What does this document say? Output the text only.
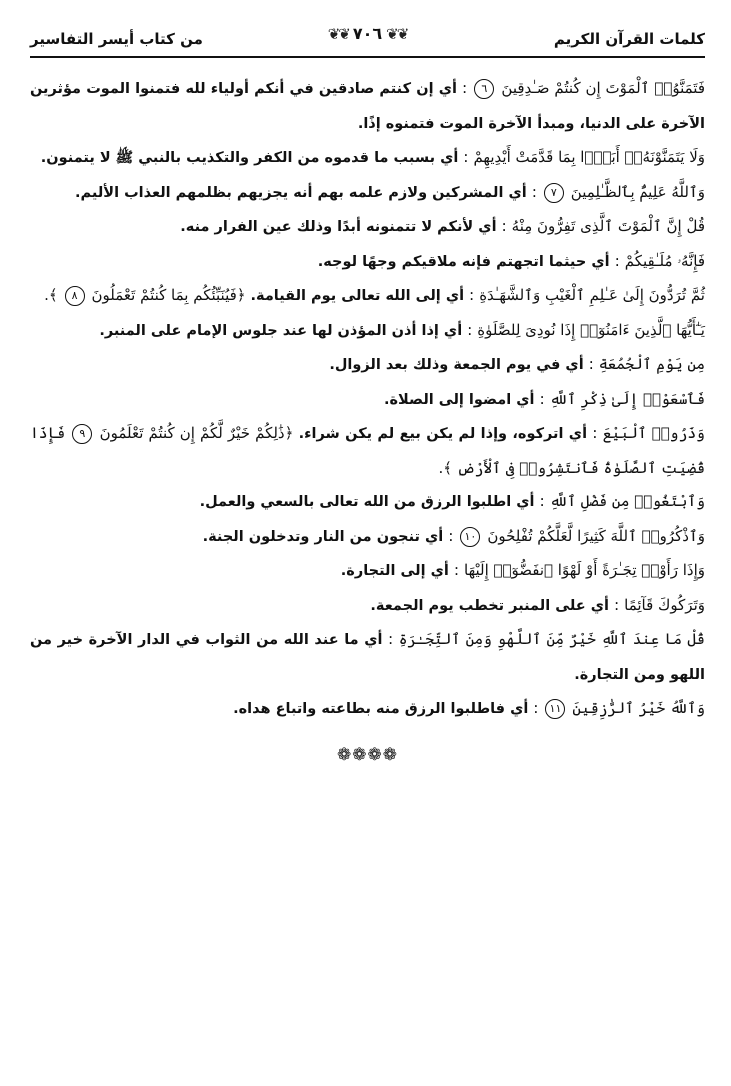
كلمات القرآن الكريم
❦❦ ٧٠٦ ❦❦
من كتاب أيسر التفاسير

فَتَمَنَّوُا۟ ٱلْمَوْتَ إِن كُنتُمْ صَـٰدِقِينَ ٦ : أي إن كنتم صادقين في أنكم أولياء لله فتمنوا الموت مؤثرين الآخرة على الدنيا، ومبدأ الآخرة الموت فتمنوه إذًا.

وَلَا يَتَمَنَّوْنَهُۥٓ أَبَدًۢا بِمَا قَدَّمَتْ أَيْدِيهِمْ : أي بسبب ما قدموه من الكفر والتكذيب بالنبي ﷺ لا يتمنون.

وَٱللَّهُ عَلِيمٌۢ بِٱلظَّـٰلِمِينَ ٧ : أي المشركين ولازم علمه بهم أنه يجزيهم بظلمهم العذاب الأليم.

قُلْ إِنَّ ٱلْمَوْتَ ٱلَّذِى تَفِرُّونَ مِنْهُ : أي لأنكم لا تتمنونه أبدًا وذلك عين الفرار منه.

فَإِنَّهُۥ مُلَـٰقِيكُمْ : أي حيثما اتجهتم فإنه ملاقيكم وجهًا لوجه.

ثُمَّ تُرَدُّونَ إِلَىٰ عَـٰلِمِ ٱلْغَيْبِ وَٱلشَّهَـٰدَةِ : أي إلى الله تعالى يوم القيامة. ﴿فَيُنَبِّئُكُم بِمَا كُنتُمْ تَعْمَلُونَ ٨ ﴾.

يَـٰٓأَيُّهَا ٱلَّذِينَ ءَامَنُوٓا۟ إِذَا نُودِىَ لِلصَّلَوٰةِ : أي إذا أذن المؤذن لها عند جلوس الإمام على المنبر.

مِن يَوْمِ ٱلْجُمُعَةِ : أي في يوم الجمعة وذلك بعد الزوال.

فَٱسْعَوْا۟ إِلَىٰ ذِكْرِ ٱللَّهِ : أي امضوا إلى الصلاة.

وَذَرُوا۟ ٱلْبَيْعَ : أي اتركوه، وإذا لم يكن بيع لم يكن شراء. ﴿ذَٰلِكُمْ خَيْرٌ لَّكُمْ إِن كُنتُمْ تَعْلَمُونَ ٩ فَإِذَا قُضِيَتِ ٱلصَّلَوٰةُ فَٱنتَشِرُوا۟ فِى ٱلْأَرْضِ ﴾.

وَٱبْتَغُوا۟ مِن فَضْلِ ٱللَّهِ : أي اطلبوا الرزق من الله تعالى بالسعي والعمل.

وَٱذْكُرُوا۟ ٱللَّهَ كَثِيرًا لَّعَلَّكُمْ تُفْلِحُونَ ١٠ : أي تنجون من النار وتدخلون الجنة.

وَإِذَا رَأَوْا۟ تِجَـٰرَةً أَوْ لَهْوًا ٱنفَضُّوٓا۟ إِلَيْهَا : أي إلى التجارة.

وَتَرَكُوكَ قَآئِمًا : أي على المنبر تخطب يوم الجمعة.

قُلْ مَا عِندَ ٱللَّهِ خَيْرٌ مِّنَ ٱللَّهْوِ وَمِنَ ٱلتِّجَـٰرَةِ : أي ما عند الله من الثواب في الدار الآخرة خير من اللهو ومن التجارة.

وَٱللَّهُ خَيْرُ ٱلرَّٰزِقِينَ ١١ : أي فاطلبوا الرزق منه بطاعته واتباع هداه.

❁❁❁❁
